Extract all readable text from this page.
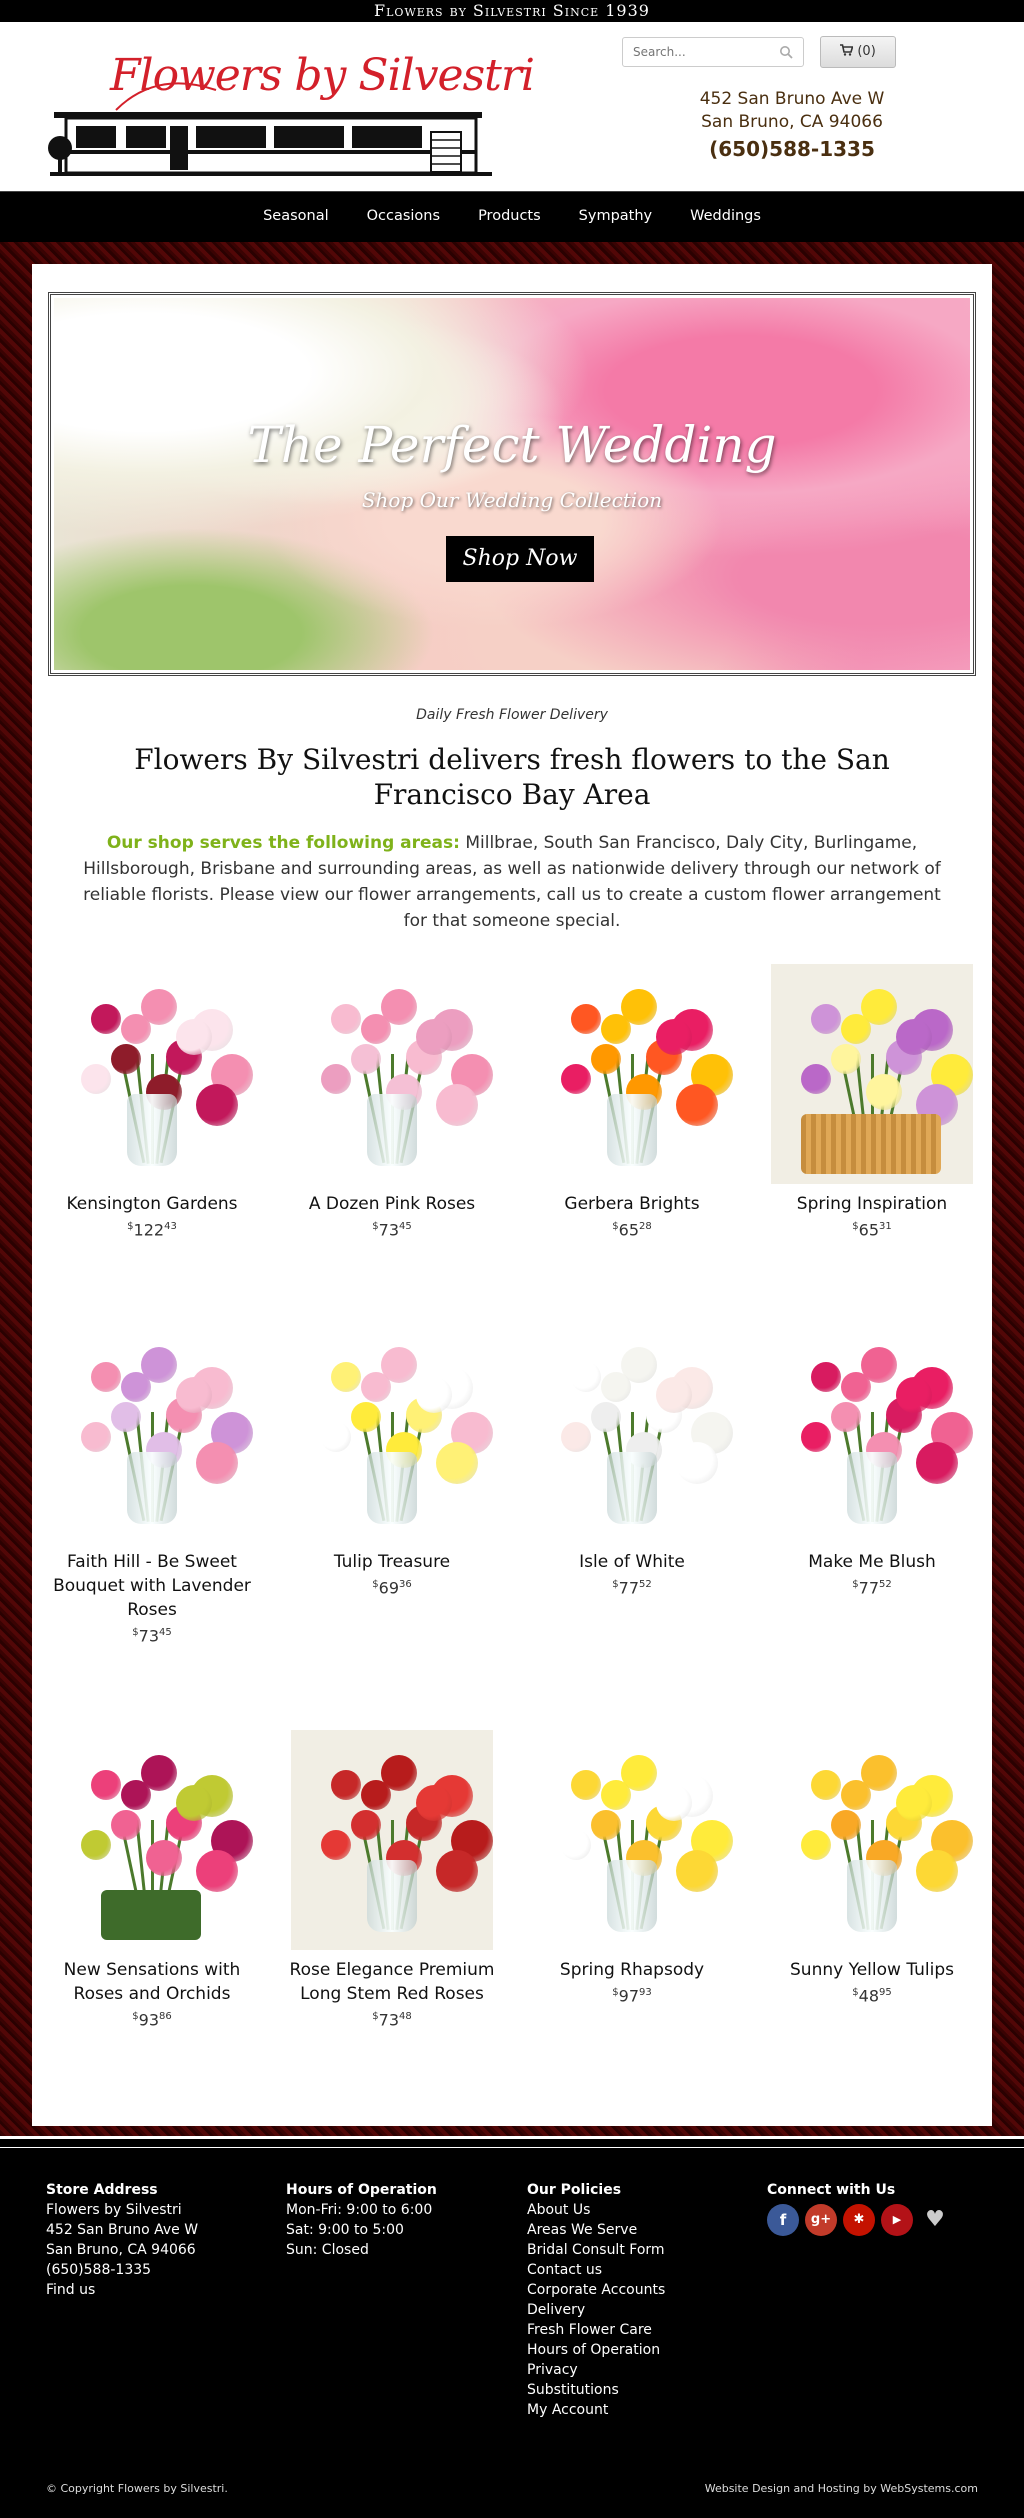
Flowers by Silvestri Since 1939
Flowers by Silvestri
Search...	(0)
452 San Bruno Ave W
San Bruno, CA 94066
(650)588-1335
Seasonal	Occasions	Products	Sympathy	Weddings
The Perfect Wedding
Shop Our Wedding Collection
Shop Now
Daily Fresh Flower Delivery
Flowers By Silvestri delivers fresh flowers to the San Francisco Bay Area
Our shop serves the following areas: Millbrae, South San Francisco, Daly City, Burlingame, Hillsborough, Brisbane and surrounding areas, as well as nationwide delivery through our network of reliable florists. Please view our flower arrangements, call us to create a custom flower arrangement for that someone special.
Kensington Gardens
$^{\$}122^{43}$
A Dozen Pink Roses
$^{\$}73^{45}$
Gerbera Brights
$^{\$}65^{28}$
Spring Inspiration
$^{\$}65^{31}$
Faith Hill - Be Sweet Bouquet with Lavender Roses
$^{\$}73^{45}$
Tulip Treasure
$^{\$}69^{36}$
Isle of White
$^{\$}77^{52}$
Make Me Blush
$^{\$}77^{52}$
New Sensations with Roses and Orchids
$^{\$}93^{86}$
Rose Elegance Premium Long Stem Red Roses
$^{\$}73^{48}$
Spring Rhapsody
$^{\$}97^{93}$
Sunny Yellow Tulips
$^{\$}48^{95}$
Store Address
Flowers by Silvestri
452 San Bruno Ave W
San Bruno, CA 94066
(650)588-1335
Find us
Hours of Operation
Mon-Fri: 9:00 to 6:00
Sat: 9:00 to 5:00
Sun: Closed
Our Policies
About Us
Areas We Serve
Bridal Consult Form
Contact us
Corporate Accounts
Delivery
Fresh Flower Care
Hours of Operation
Privacy
Substitutions
My Account
Connect with Us
f	g+	✱	▶	♥
© Copyright Flowers by Silvestri.	Website Design and Hosting by WebSystems.com
